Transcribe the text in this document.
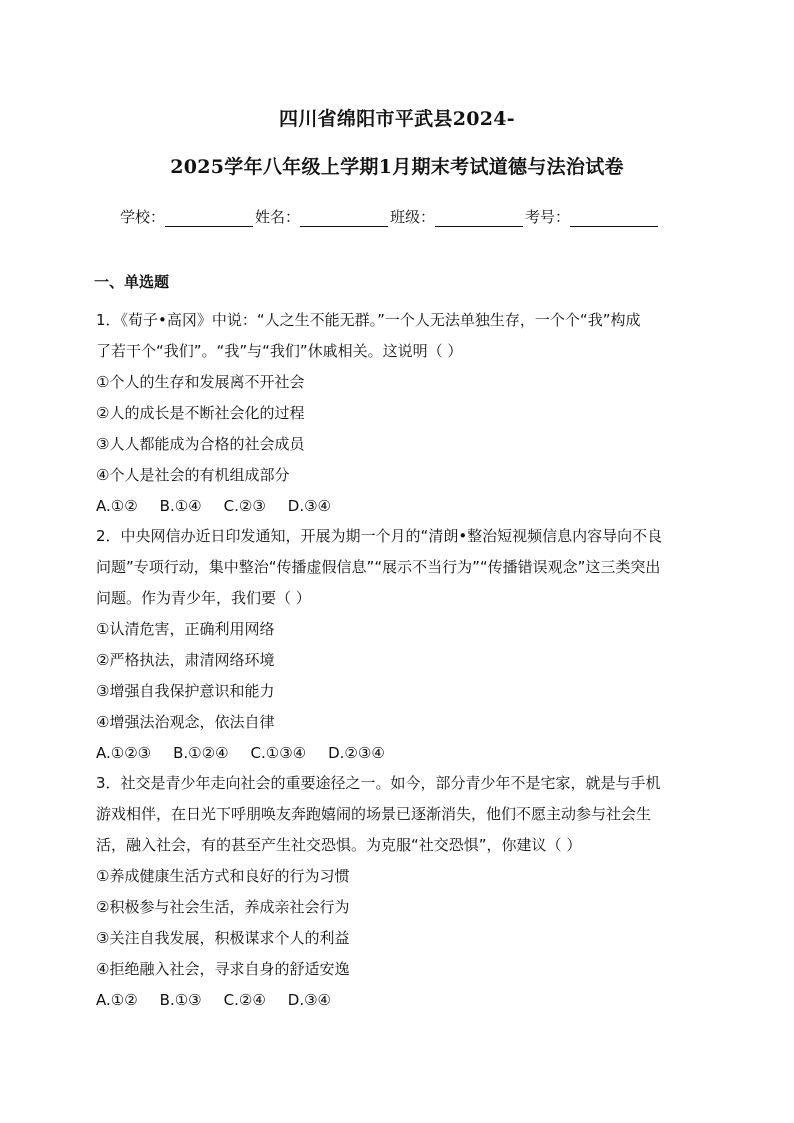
四川省绵阳市平武县2024-
2025学年八年级上学期1月期末考试道德与法治试卷
学校：	姓名：	班级：	考号：
一、单选题
1．《荀子•高冈》中说：“人之生不能无群。”一个人无法单独生存，一个个“我”构成
了若干个“我们”。“我”与“我们”休戚相关。这说明（ ）
①个人的生存和发展离不开社会
②人的成长是不断社会化的过程
③人人都能成为合格的社会成员
④个人是社会的有机组成部分
A.①② B.①④ C.②③ D.③④
2．中央网信办近日印发通知，开展为期一个月的“清朗•整治短视频信息内容导向不良
问题”专项行动，集中整治“传播虚假信息”“展示不当行为”“传播错误观念”这三类突出
问题。作为青少年，我们要（ ）
①认清危害，正确利用网络
②严格执法，肃清网络环境
③增强自我保护意识和能力
④增强法治观念，依法自律
A.①②③ B.①②④ C.①③④ D.②③④
3．社交是青少年走向社会的重要途径之一。如今，部分青少年不是宅家，就是与手机
游戏相伴，在日光下呼朋唤友奔跑嬉闹的场景已逐渐消失，他们不愿主动参与社会生
活，融入社会，有的甚至产生社交恐惧。为克服“社交恐惧”，你建议（ ）
①养成健康生活方式和良好的行为习惯
②积极参与社会生活，养成亲社会行为
③关注自我发展，积极谋求个人的利益
④拒绝融入社会，寻求自身的舒适安逸
A.①② B.①③ C.②④ D.③④
